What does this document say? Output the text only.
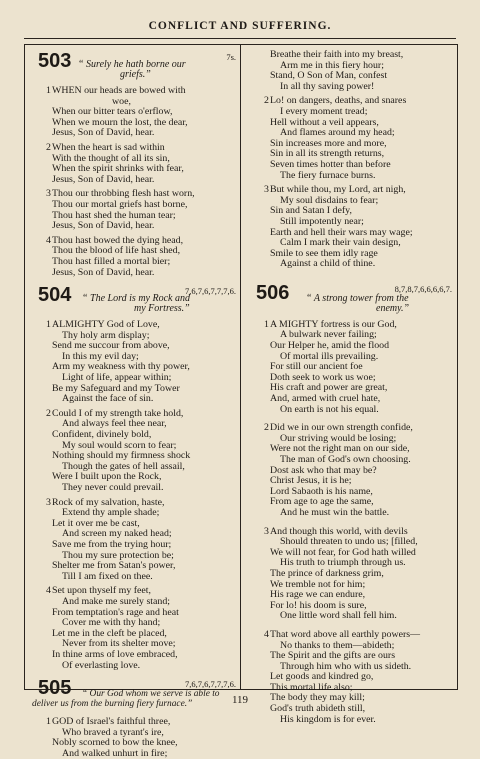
CONFLICT AND SUFFERING.
503	7s.
“ Surely he hath borne our
griefs.”
1 WHEN our heads are bowed with
woe,
When our bitter tears o'erflow,
When we mourn the lost, the dear,
Jesus, Son of David, hear.
2 When the heart is sad within
With the thought of all its sin,
When the spirit shrinks with fear,
Jesus, Son of David, hear.
3 Thou our throbbing flesh hast worn,
Thou our mortal griefs hast borne,
Thou hast shed the human tear;
Jesus, Son of David, hear.
4 Thou hast bowed the dying head,
Thou the blood of life hast shed,
Thou hast filled a mortal bier;
Jesus, Son of David, hear.
504	7,6,7,6,7,7,7,6.
“ The Lord is my Rock and
my Fortress.”
1 ALMIGHTY God of Love,
Thy holy arm display;
Send me succour from above,
In this my evil day;
Arm my weakness with thy power,
Light of life, appear within;
Be my Safeguard and my Tower
Against the face of sin.
2 Could I of my strength take hold,
And always feel thee near,
Confident, divinely bold,
My soul would scorn to fear;
Nothing should my firmness shock
Though the gates of hell assail,
Were I built upon the Rock,
They never could prevail.
3 Rock of my salvation, haste,
Extend thy ample shade;
Let it over me be cast,
And screen my naked head;
Save me from the trying hour;
Thou my sure protection be;
Shelter me from Satan's power,
Till I am fixed on thee.
4 Set upon thyself my feet,
And make me surely stand;
From temptation's rage and heat
Cover me with thy hand;
Let me in the cleft be placed,
Never from its shelter move;
In thine arms of love embraced,
Of everlasting love.
505	7,6,7,6,7,7,7,6.
“ Our God whom we serve is able to
deliver us from the burning fiery furnace.”
1 GOD of Israel's faithful three,
Who braved a tyrant's ire,
Nobly scorned to bow the knee,
And walked unhurt in fire;
Breathe their faith into my breast,
Arm me in this fiery hour;
Stand, O Son of Man, confest
In all thy saving power!
2 Lo! on dangers, deaths, and snares
I every moment tread;
Hell without a veil appears,
And flames around my head;
Sin increases more and more,
Sin in all its strength returns,
Seven times hotter than before
The fiery furnace burns.
3 But while thou, my Lord, art nigh,
My soul disdains to fear;
Sin and Satan I defy,
Still impotently near;
Earth and hell their wars may wage;
Calm I mark their vain design,
Smile to see them idly rage
Against a child of thine.
506	8,7,8,7,6,6,6,6,7.
“ A strong tower from the
enemy.”
1 A MIGHTY fortress is our God,
A bulwark never failing;
Our Helper he, amid the flood
Of mortal ills prevailing.
For still our ancient foe
Doth seek to work us woe;
His craft and power are great,
And, armed with cruel hate,
On earth is not his equal.
2 Did we in our own strength confide,
Our striving would be losing;
Were not the right man on our side,
The man of God's own choosing.
Dost ask who that may be?
Christ Jesus, it is he;
Lord Sabaoth is his name,
From age to age the same,
And he must win the battle.
3 And though this world, with devils
Should threaten to undo us; [filled,
We will not fear, for God hath willed
His truth to triumph through us.
The prince of darkness grim,
We tremble not for him;
His rage we can endure,
For lo! his doom is sure,
One little word shall fell him.
4 That word above all earthly powers—
No thanks to them—abideth;
The Spirit and the gifts are ours
Through him who with us sideth.
Let goods and kindred go,
This mortal life also;
The body they may kill;
God's truth abideth still,
His kingdom is for ever.
119
